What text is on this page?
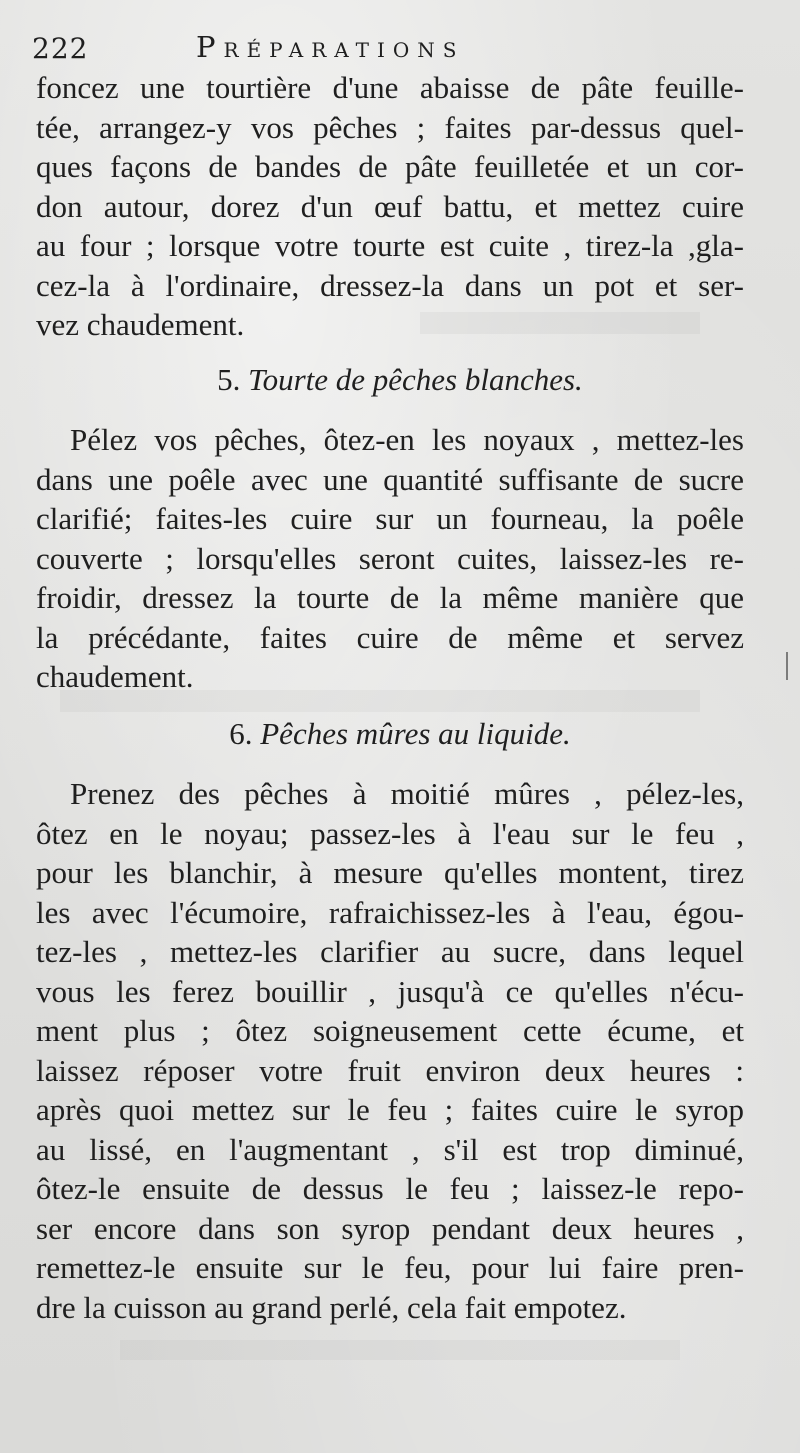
222	Préparations
foncez une tourtière d'une abaisse de pâte feuille-
tée, arrangez-y vos pêches ; faites par-dessus quel-
ques façons de bandes de pâte feuilletée et un cor-
don autour, dorez d'un œuf battu, et mettez cuire
au four ; lorsque votre tourte est cuite , tirez-la ,gla-
cez-la à l'ordinaire, dressez-la dans un pot et ser-
vez chaudement.
5. Tourte de pêches blanches.
Pélez vos pêches, ôtez-en les noyaux , mettez-les
dans une poêle avec une quantité suffisante de sucre
clarifié; faites-les cuire sur un fourneau, la poêle
couverte ; lorsqu'elles seront cuites, laissez-les re-
froidir, dressez la tourte de la même manière que
la précédante, faites cuire de même et servez
chaudement.
6. Pêches mûres au liquide.
Prenez des pêches à moitié mûres , pélez-les,
ôtez en le noyau; passez-les à l'eau sur le feu ,
pour les blanchir, à mesure qu'elles montent, tirez
les avec l'écumoire, rafraichissez-les à l'eau, égou-
tez-les , mettez-les clarifier au sucre, dans lequel
vous les ferez bouillir , jusqu'à ce qu'elles n'écu-
ment plus ; ôtez soigneusement cette écume, et
laissez réposer votre fruit environ deux heures :
après quoi mettez sur le feu ; faites cuire le syrop
au lissé, en l'augmentant , s'il est trop diminué,
ôtez-le ensuite de dessus le feu ; laissez-le repo-
ser encore dans son syrop pendant deux heures ,
remettez-le ensuite sur le feu, pour lui faire pren-
dre la cuisson au grand perlé, cela fait empotez.
